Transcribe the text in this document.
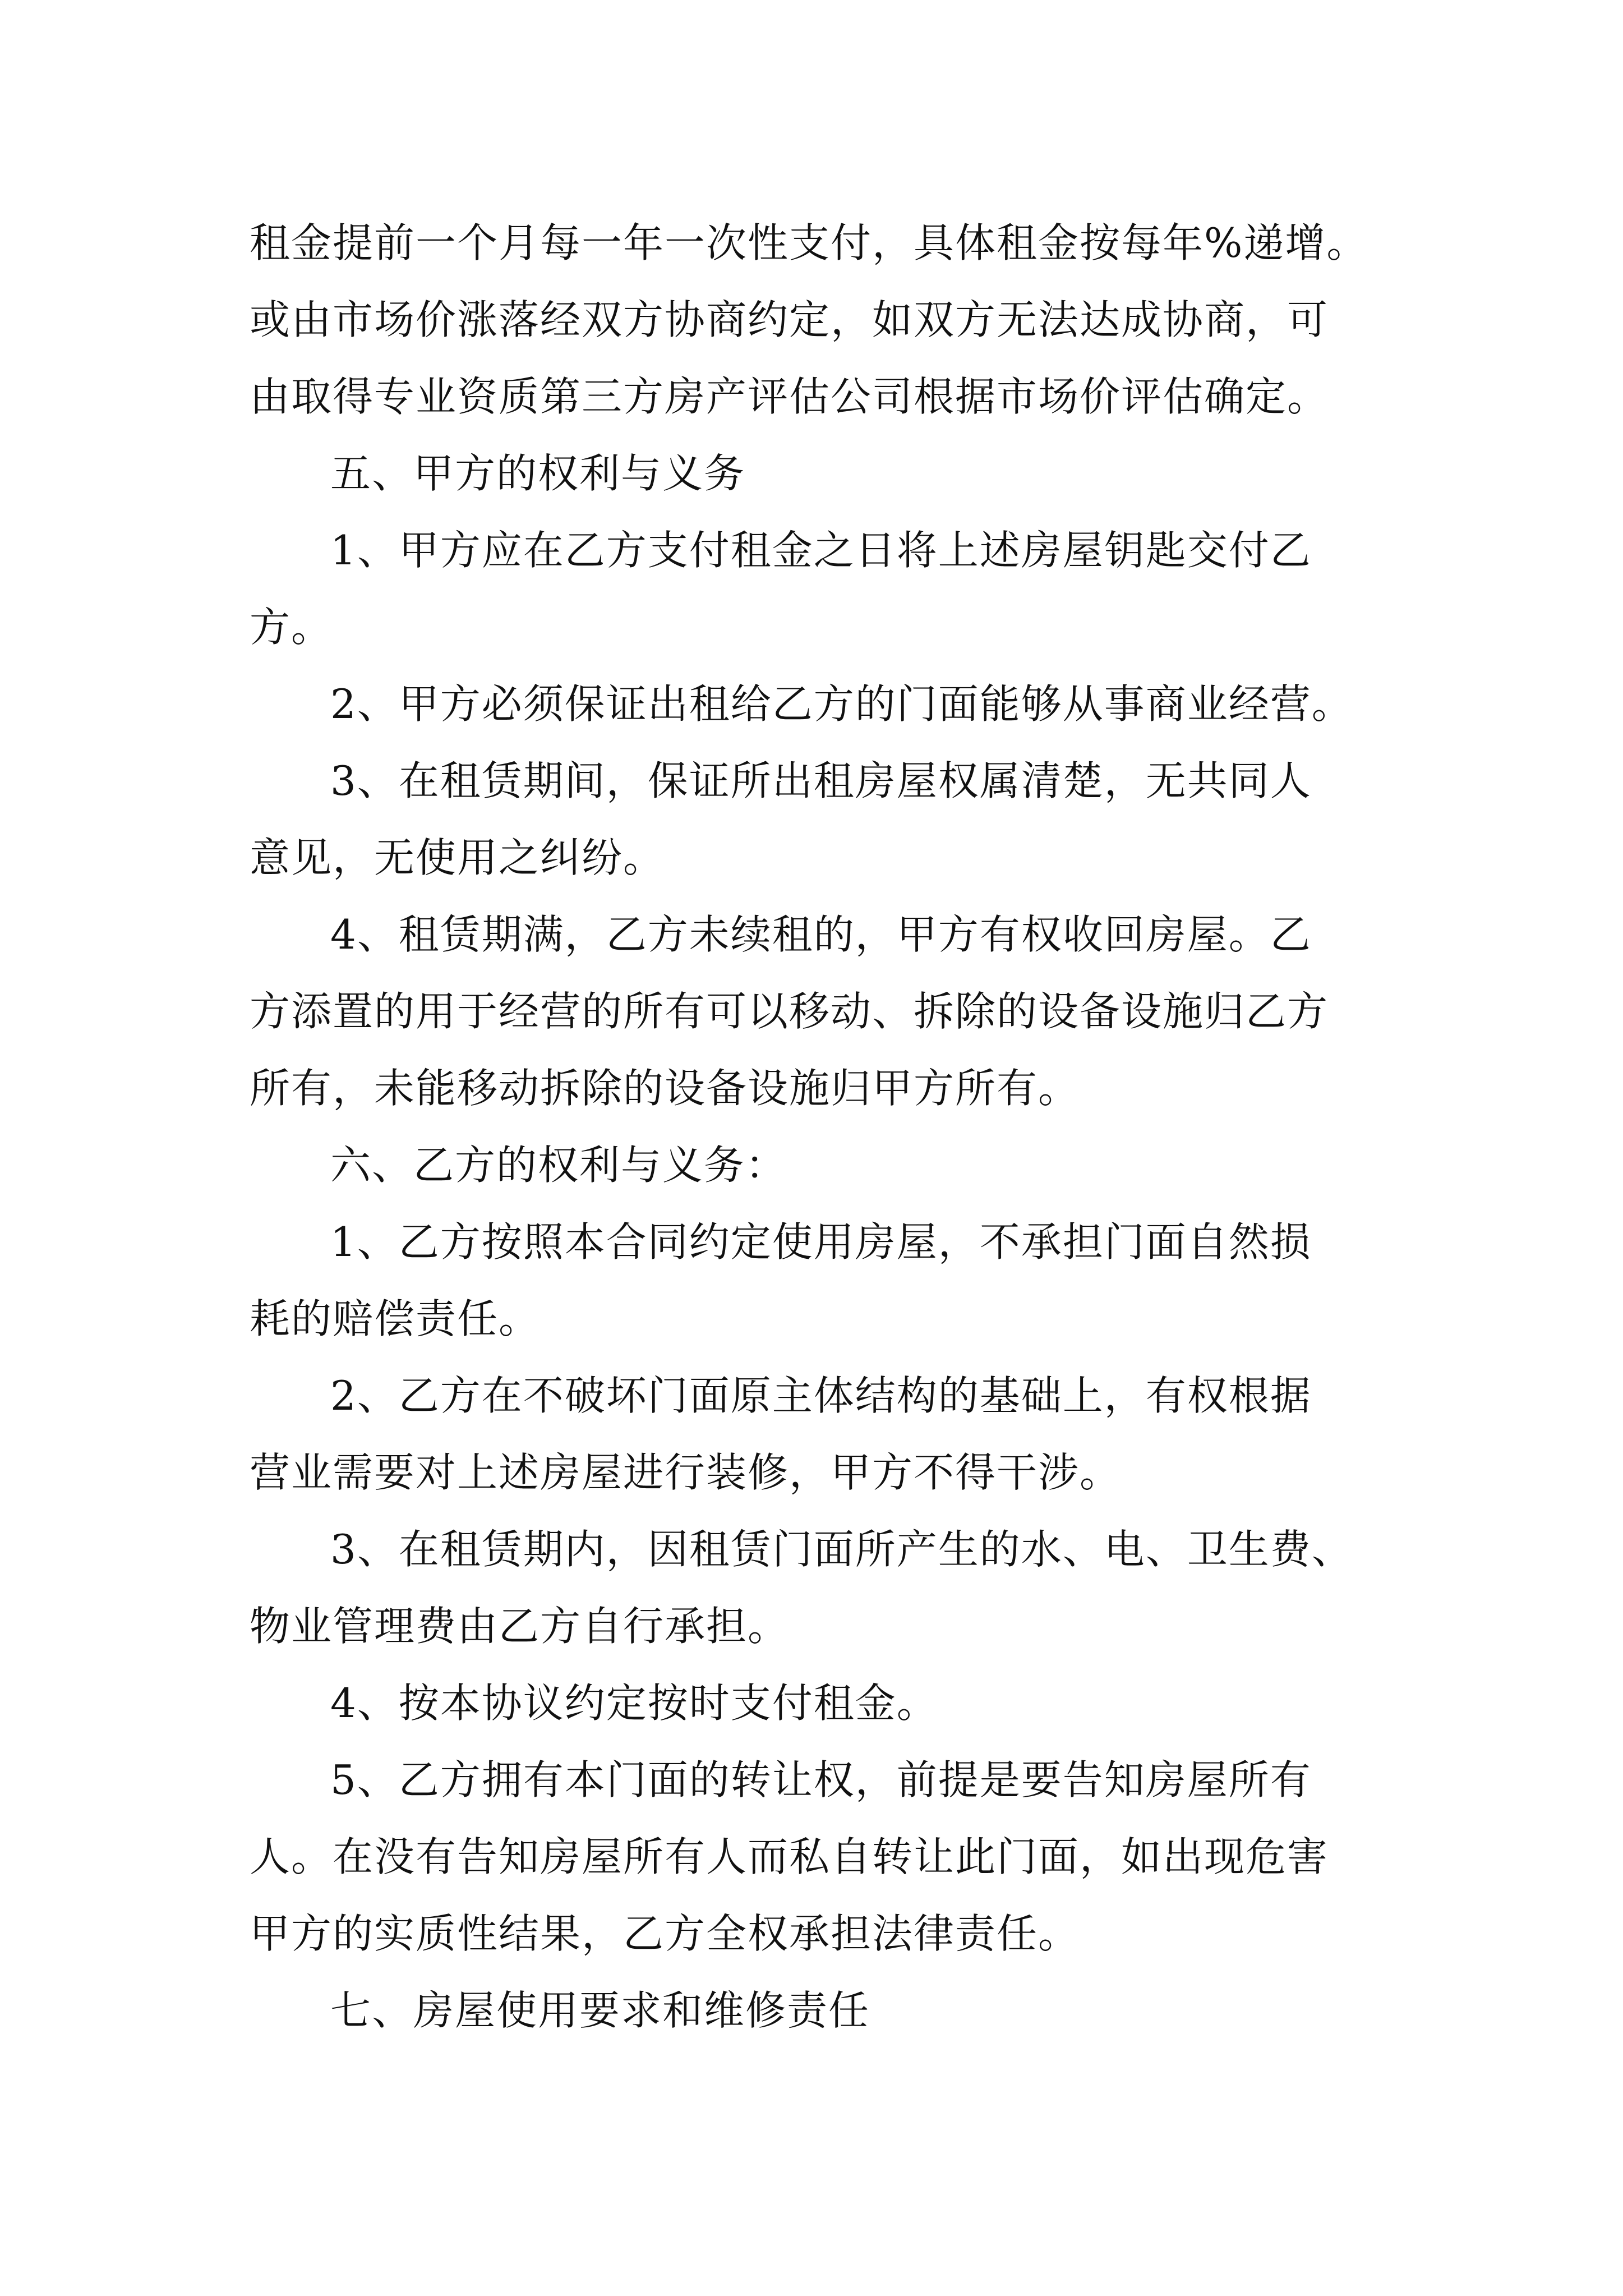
租金提前一个月每一年一次性支付，具体租金按每年%递增。
或由市场价涨落经双方协商约定，如双方无法达成协商，可
由取得专业资质第三方房产评估公司根据市场价评估确定。
五、甲方的权利与义务
1、甲方应在乙方支付租金之日将上述房屋钥匙交付乙
方。
2、甲方必须保证出租给乙方的门面能够从事商业经营。
3、在租赁期间，保证所出租房屋权属清楚，无共同人
意见，无使用之纠纷。
4、租赁期满，乙方未续租的，甲方有权收回房屋。乙
方添置的用于经营的所有可以移动、拆除的设备设施归乙方
所有，未能移动拆除的设备设施归甲方所有。
六、乙方的权利与义务：
1、乙方按照本合同约定使用房屋，不承担门面自然损
耗的赔偿责任。
2、乙方在不破坏门面原主体结构的基础上，有权根据
营业需要对上述房屋进行装修，甲方不得干涉。
3、在租赁期内，因租赁门面所产生的水、电、卫生费、
物业管理费由乙方自行承担。
4、按本协议约定按时支付租金。
5、乙方拥有本门面的转让权，前提是要告知房屋所有
人。在没有告知房屋所有人而私自转让此门面，如出现危害
甲方的实质性结果，乙方全权承担法律责任。
七、房屋使用要求和维修责任
